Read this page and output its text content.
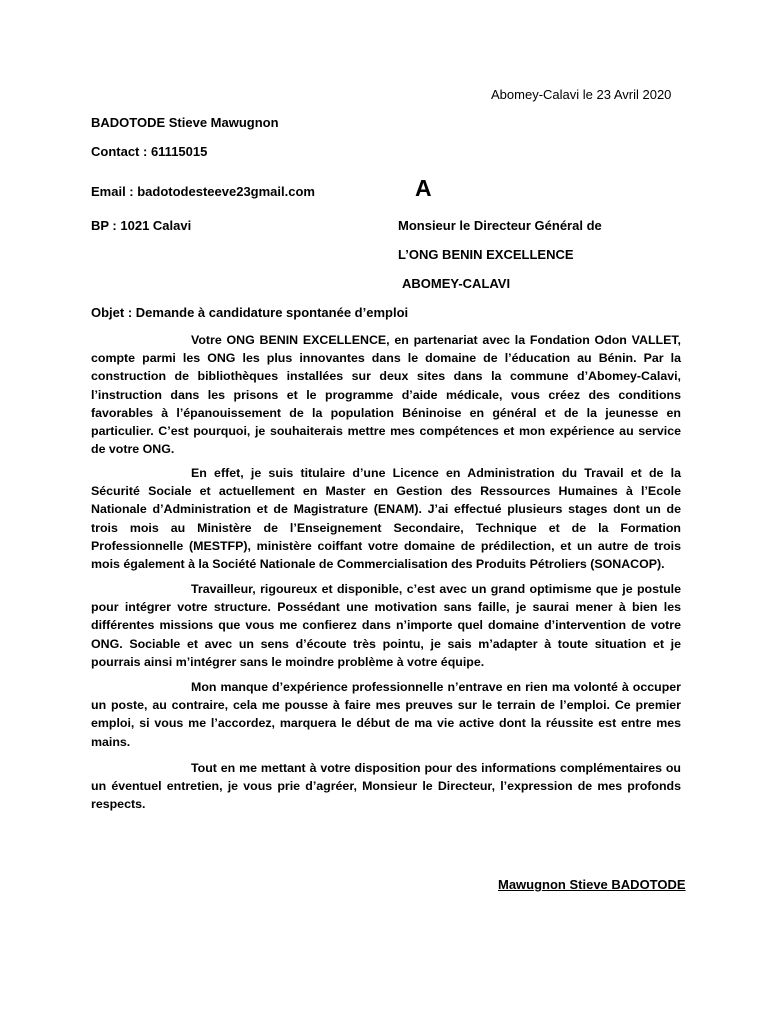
Abomey-Calavi le 23 Avril 2020
BADOTODE Stieve Mawugnon
Contact : 61115015
Email : badotodesteeve23gmail.com	A
BP : 1021 Calavi	Monsieur le Directeur Général de
L’ONG BENIN EXCELLENCE
ABOMEY-CALAVI
Objet : Demande à candidature spontanée d’emploi

Votre ONG BENIN EXCELLENCE, en partenariat avec la Fondation Odon VALLET, compte parmi les ONG les plus innovantes dans le domaine de l’éducation au Bénin. Par la construction de bibliothèques installées sur deux sites dans la commune d’Abomey-Calavi, l’instruction dans les prisons et le programme d’aide médicale, vous créez des conditions favorables à l’épanouissement de la population Béninoise en général et de la jeunesse en particulier. C’est pourquoi, je souhaiterais mettre mes compétences et mon expérience au service de votre ONG.

En effet, je suis titulaire d’une Licence en Administration du Travail et de la Sécurité Sociale et actuellement en Master en Gestion des Ressources Humaines à l’Ecole Nationale d’Administration et de Magistrature (ENAM). J’ai effectué plusieurs stages dont un de trois mois au Ministère de l’Enseignement Secondaire, Technique et de la Formation Professionnelle (MESTFP), ministère coiffant votre domaine de prédilection, et un autre de trois mois également à la Société Nationale de Commercialisation des Produits Pétroliers (SONACOP).

Travailleur, rigoureux et disponible, c’est avec un grand optimisme que je postule pour intégrer votre structure. Possédant une motivation sans faille, je saurai mener à bien les différentes missions que vous me confierez dans n’importe quel domaine d’intervention de votre ONG. Sociable et avec un sens d’écoute très pointu, je sais m’adapter à toute situation et je pourrais ainsi m’intégrer sans le moindre problème à votre équipe.

Mon manque d’expérience professionnelle n’entrave en rien ma volonté à occuper un poste, au contraire, cela me pousse à faire mes preuves sur le terrain de l’emploi. Ce premier emploi, si vous me l’accordez, marquera le début de ma vie active dont la réussite est entre mes mains.

Tout en me mettant à votre disposition pour des informations complémentaires ou un éventuel entretien, je vous prie d’agréer, Monsieur le Directeur, l’expression de mes profonds respects.

Mawugnon Stieve BADOTODE
